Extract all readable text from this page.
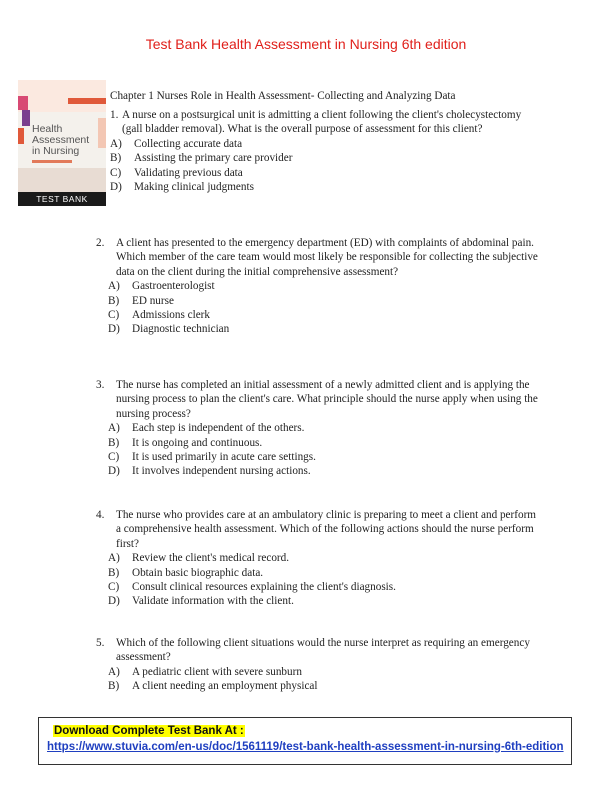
Test Bank Health Assessment in Nursing 6th edition
Health
Assessment
in Nursing
TEST BANK
Chapter 1 Nurses Role in Health Assessment- Collecting and Analyzing Data
1. A nurse on a postsurgical unit is admitting a client following the client's cholecystectomy (gall bladder removal). What is the overall purpose of assessment for this client?
A)	Collecting accurate data
B)	Assisting the primary care provider
C)	Validating previous data
D)	Making clinical judgments
2.	A client has presented to the emergency department (ED) with complaints of abdominal pain. Which member of the care team would most likely be responsible for collecting the subjective data on the client during the initial comprehensive assessment?
A)	Gastroenterologist
B)	ED nurse
C)	Admissions clerk
D)	Diagnostic technician
3.	The nurse has completed an initial assessment of a newly admitted client and is applying the nursing process to plan the client's care. What principle should the nurse apply when using the nursing process?
A)	Each step is independent of the others.
B)	It is ongoing and continuous.
C)	It is used primarily in acute care settings.
D)	It involves independent nursing actions.
4.	The nurse who provides care at an ambulatory clinic is preparing to meet a client and perform a comprehensive health assessment. Which of the following actions should the nurse perform first?
A)	Review the client's medical record.
B)	Obtain basic biographic data.
C)	Consult clinical resources explaining the client's diagnosis.
D)	Validate information with the client.
5.	Which of the following client situations would the nurse interpret as requiring an emergency assessment?
A)	A pediatric client with severe sunburn
B)	A client needing an employment physical
Download Complete Test Bank At :
https://www.stuvia.com/en-us/doc/1561119/test-bank-health-assessment-in-nursing-6th-edition
